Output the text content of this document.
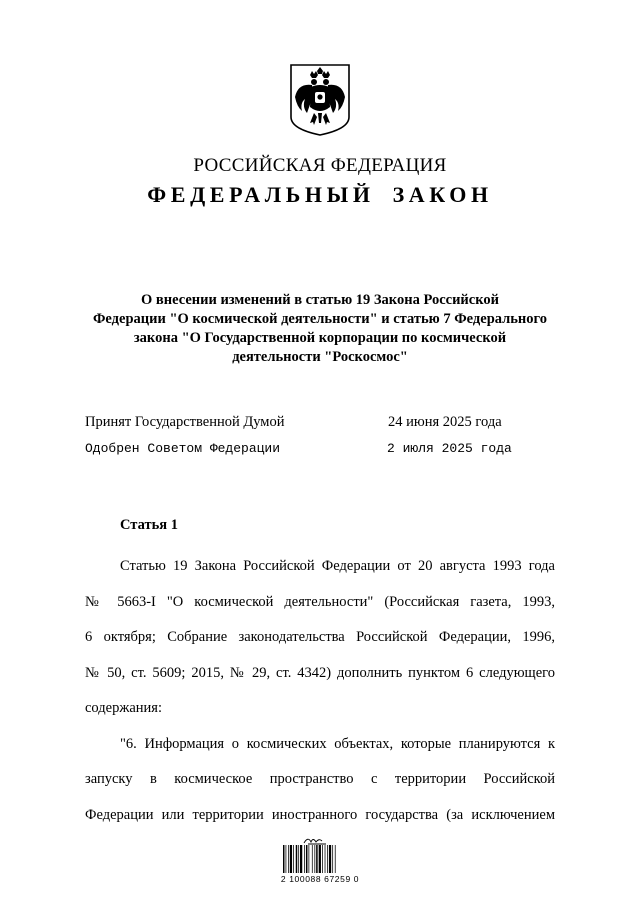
РОССИЙСКАЯ ФЕДЕРАЦИЯ
ФЕДЕРАЛЬНЫЙ ЗАКОН
О внесении изменений в статью 19 Закона Российской
Федерации "О космической деятельности" и статью 7 Федерального
закона "О Государственной корпорации по космической
деятельности "Роскосмос"
Принят Государственной Думой	24 июня 2025 года
Одобрен Советом Федерации	2 июля 2025 года
Статья 1

Статью 19 Закона Российской Федерации от 20 августа 1993 года
№ 5663-I "О космической деятельности" (Российская газета, 1993,
6 октября; Собрание законодательства Российской Федерации, 1996,
№ 50, ст. 5609; 2015, № 29, ст. 4342) дополнить пунктом 6 следующего
содержания:

"6. Информация о космических объектах, которые планируются к
запуску в космическое пространство с территории Российской
Федерации или территории иностранного государства (за исключением

2 100088 67259 0
